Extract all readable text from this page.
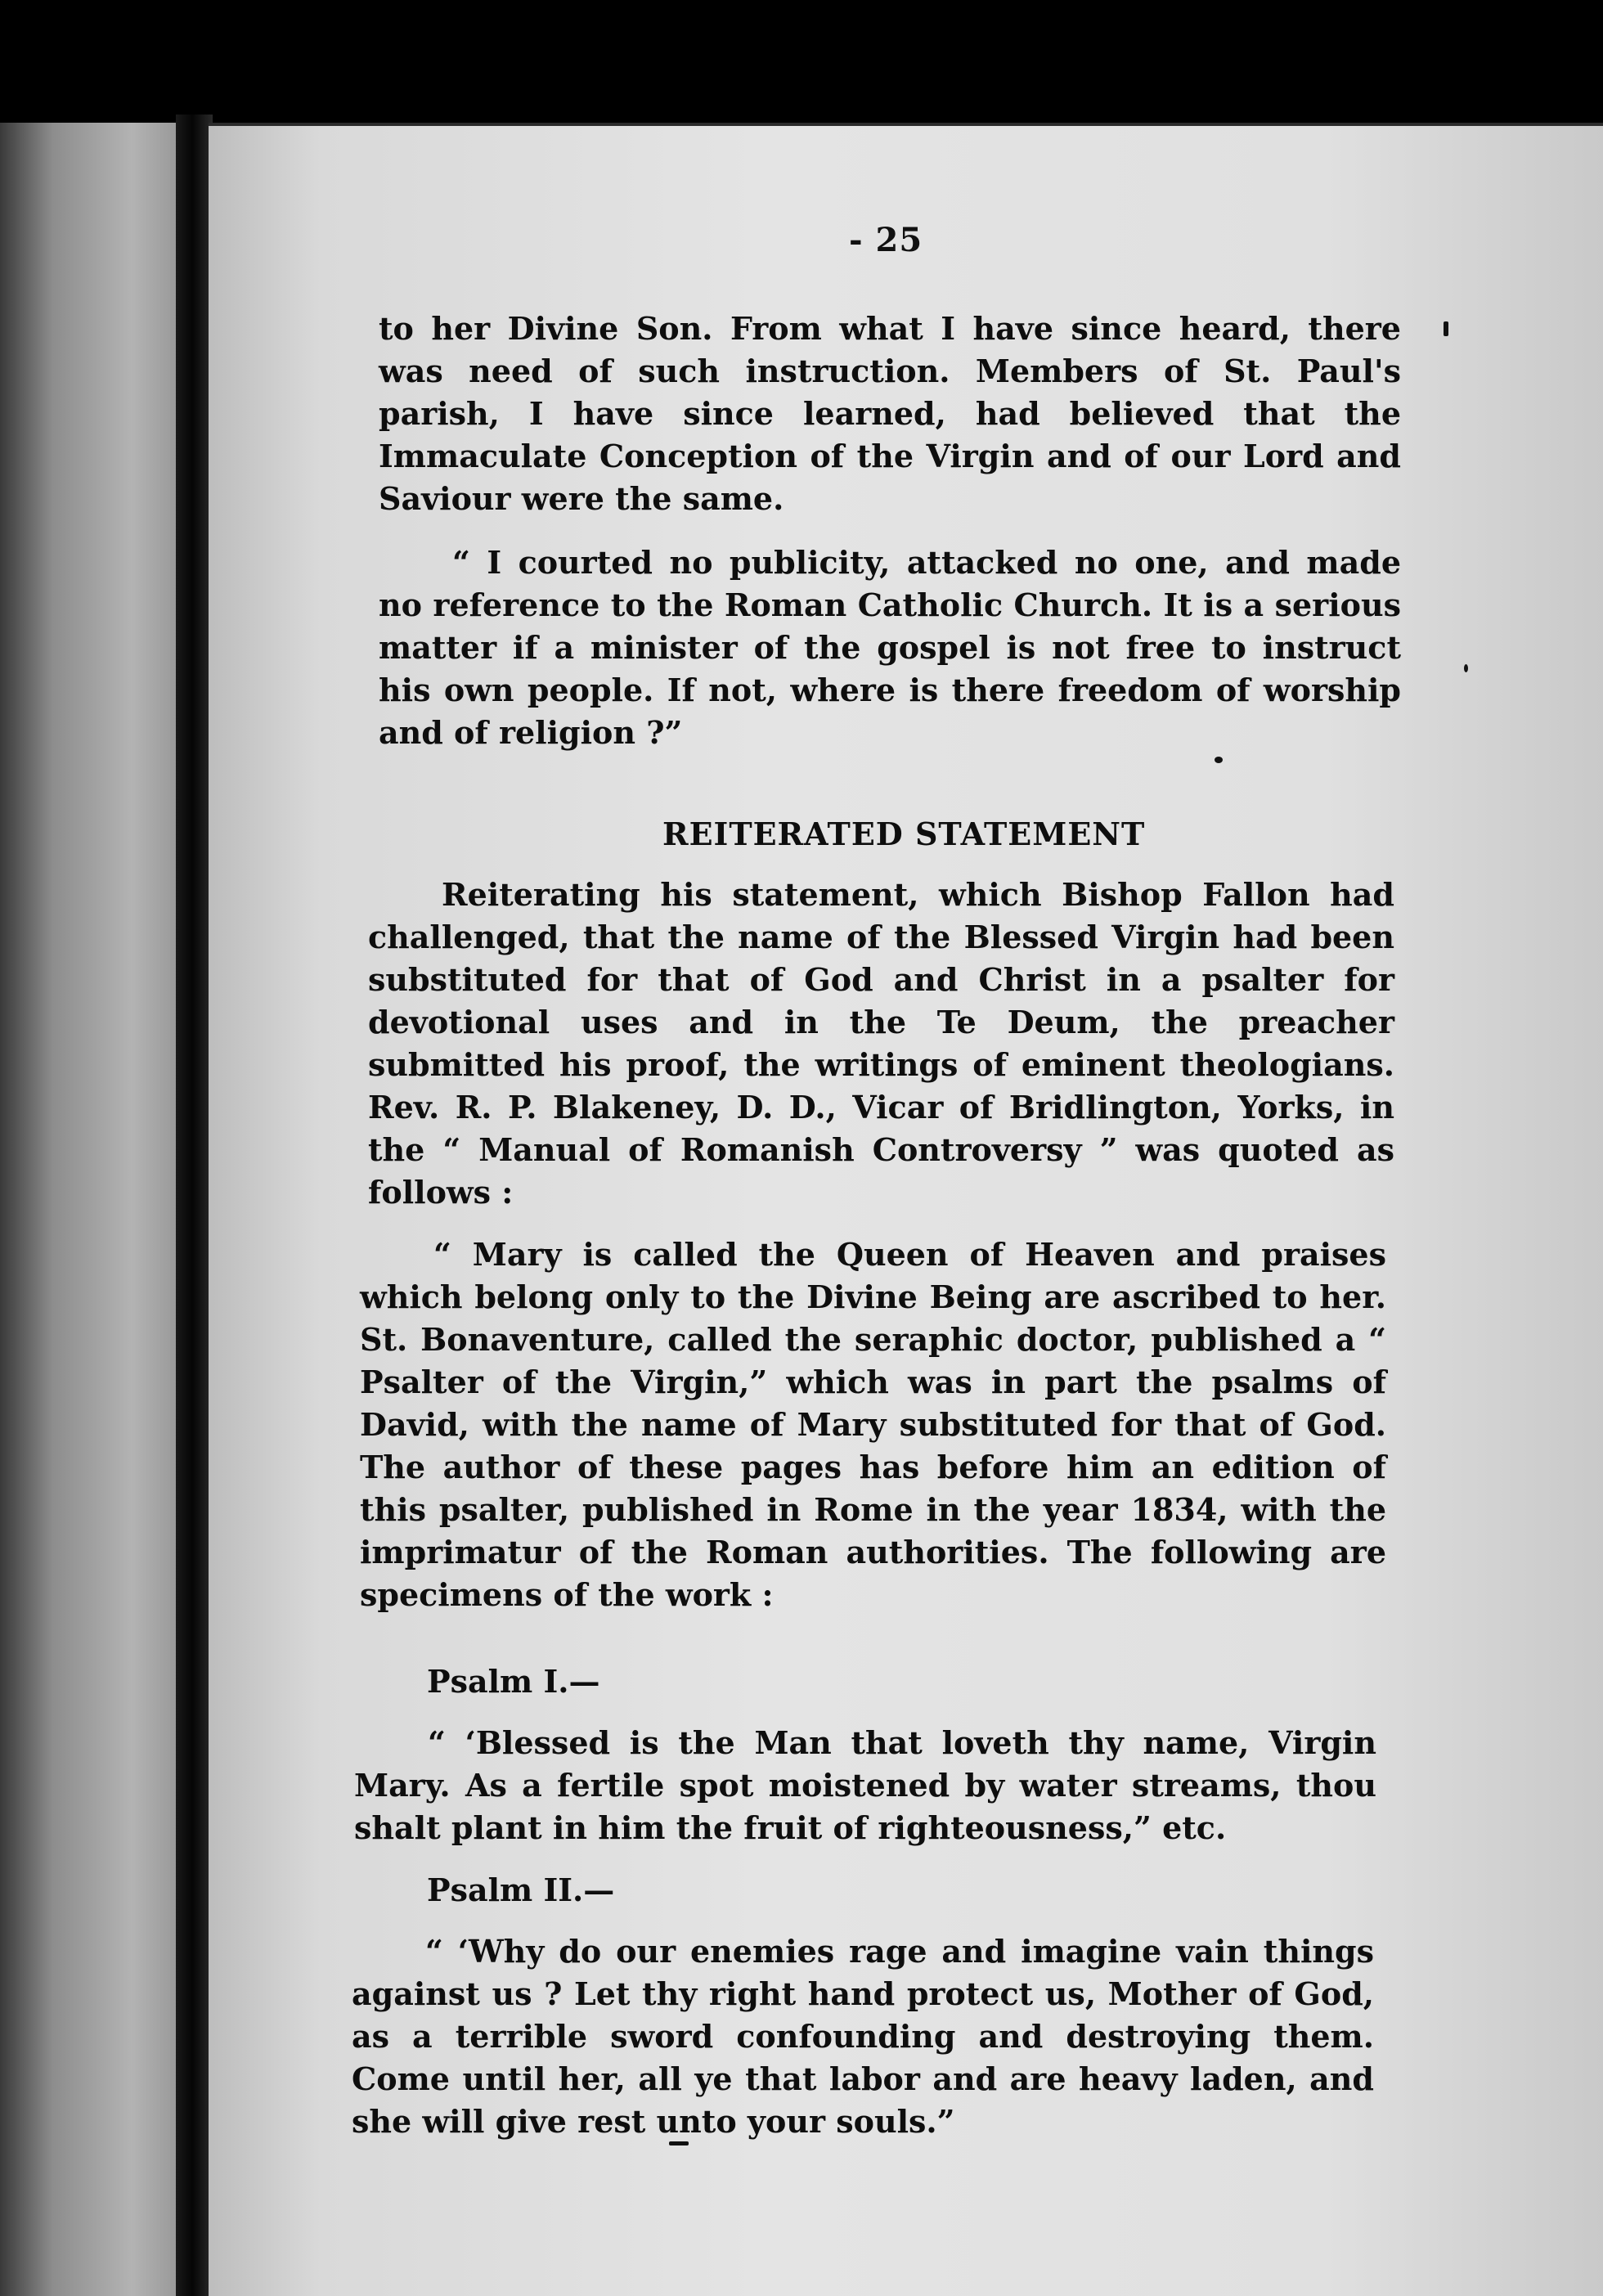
- 25

to her Divine Son. From what I have since heard, there was need of such instruction. Members of St. Paul's parish, I have since learned, had believed that the Immaculate Conception of the Virgin and of our Lord and Saviour were the same.

“ I courted no publicity, attacked no one, and made no reference to the Roman Catholic Church. It is a serious matter if a minister of the gospel is not free to instruct his own people. If not, where is there freedom of worship and of religion ?”

REITERATED STATEMENT

Reiterating his statement, which Bishop Fallon had challenged, that the name of the Blessed Virgin had been substituted for that of God and Christ in a psalter for devotional uses and in the Te Deum, the preacher submitted his proof, the writings of eminent theologians. Rev. R. P. Blakeney, D. D., Vicar of Bridlington, Yorks, in the “ Manual of Romanish Controversy ” was quoted as follows :

“ Mary is called the Queen of Heaven and praises which belong only to the Divine Being are ascribed to her. St. Bonaventure, called the seraphic doctor, published a “ Psalter of the Virgin,” which was in part the psalms of David, with the name of Mary substituted for that of God. The author of these pages has before him an edition of this psalter, published in Rome in the year 1834, with the imprimatur of the Roman authorities. The following are specimens of the work :

Psalm I.—

“ ‘Blessed is the Man that loveth thy name, Virgin Mary. As a fertile spot moistened by water streams, thou shalt plant in him the fruit of righteousness,” etc.

Psalm II.—

“ ‘Why do our enemies rage and imagine vain things against us ? Let thy right hand protect us, Mother of God, as a terrible sword confounding and destroying them. Come until her, all ye that labor and are heavy laden, and she will give rest unto your souls.”
